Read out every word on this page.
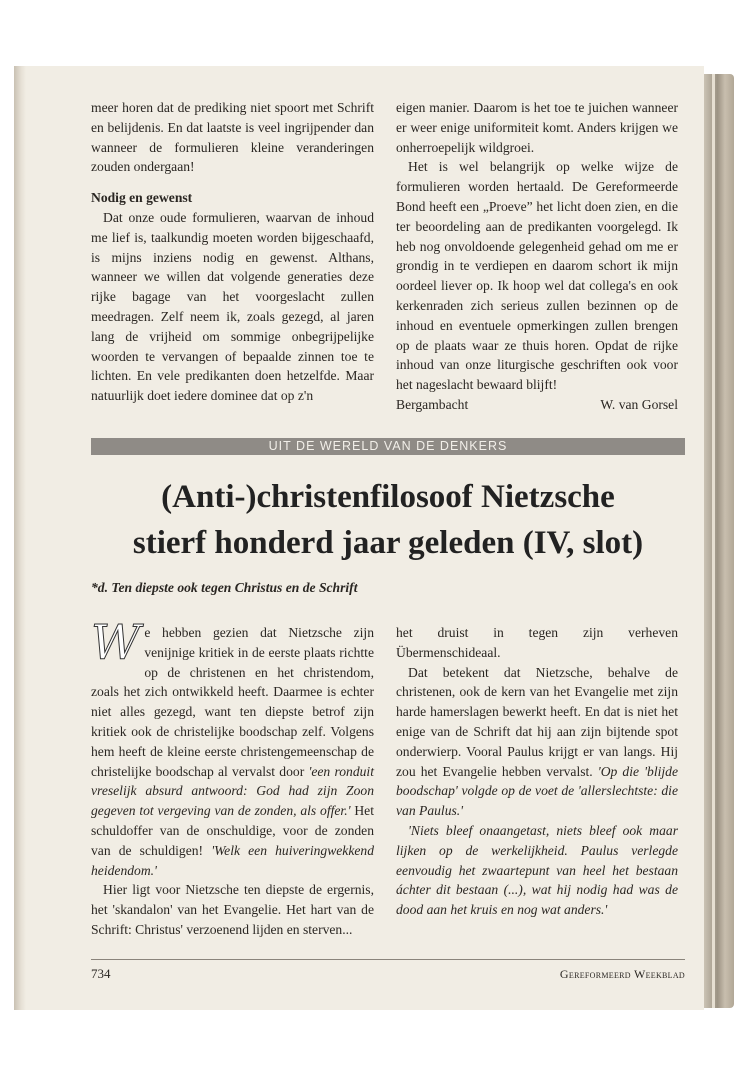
meer horen dat de prediking niet spoort met Schrift en belijdenis. En dat laatste is veel ingrijpender dan wanneer de formulieren kleine veranderingen zouden ondergaan!

Nodig en gewenst

Dat onze oude formulieren, waarvan de inhoud me lief is, taalkundig moeten worden bijgeschaafd, is mijns inziens nodig en gewenst. Althans, wanneer we willen dat volgende generaties deze rijke bagage van het voorgeslacht zullen meedragen. Zelf neem ik, zoals gezegd, al jaren lang de vrijheid om sommige onbegrijpelijke woorden te vervangen of bepaalde zinnen toe te lichten. En vele predikanten doen hetzelfde. Maar natuurlijk doet iedere dominee dat op z'n

eigen manier. Daarom is het toe te juichen wanneer er weer enige uniformiteit komt. Anders krijgen we onherroepelijk wildgroei.

Het is wel belangrijk op welke wijze de formulieren worden hertaald. De Gereformeerde Bond heeft een „Proeve” het licht doen zien, en die ter beoordeling aan de predikanten voorgelegd. Ik heb nog onvoldoende gelegenheid gehad om me er grondig in te verdiepen en daarom schort ik mijn oordeel liever op. Ik hoop wel dat collega's en ook kerkenraden zich serieus zullen bezinnen op de inhoud en eventuele opmerkingen zullen brengen op de plaats waar ze thuis horen. Opdat de rijke inhoud van onze liturgische geschriften ook voor het nageslacht bewaard blijft!

Bergambacht	W. van Gorsel

UIT DE WERELD VAN DE DENKERS
(Anti-)christenfilosoof Nietzsche
stierf honderd jaar geleden (IV, slot)
*d. Ten diepste ook tegen Christus en de Schrift

We hebben gezien dat Nietzsche zijn venijnige kritiek in de eerste plaats richtte op de christenen en het christendom, zoals het zich ontwikkeld heeft. Daarmee is echter niet alles gezegd, want ten diepste betrof zijn kritiek ook de christelijke boodschap zelf. Volgens hem heeft de kleine eerste christengemeenschap de christelijke boodschap al vervalst door 'een ronduit vreselijk absurd antwoord: God had zijn Zoon gegeven tot vergeving van de zonden, als offer.' Het schuldoffer van de onschuldige, voor de zonden van de schuldigen! 'Welk een huiveringwekkend heidendom.'

Hier ligt voor Nietzsche ten diepste de ergernis, het 'skandalon' van het Evangelie. Het hart van de Schrift: Christus' verzoenend lijden en sterven...

het druist in tegen zijn verheven Übermenschideaal.

Dat betekent dat Nietzsche, behalve de christenen, ook de kern van het Evangelie met zijn harde hamerslagen bewerkt heeft. En dat is niet het enige van de Schrift dat hij aan zijn bijtende spot onderwierp. Vooral Paulus krijgt er van langs. Hij zou het Evangelie hebben vervalst. 'Op die 'blijde boodschap' volgde op de voet de 'allerslechtste: die van Paulus.'

'Niets bleef onaangetast, niets bleef ook maar lijken op de werkelijkheid. Paulus verlegde eenvoudig het zwaartepunt van heel het bestaan áchter dit bestaan (...), wat hij nodig had was de dood aan het kruis en nog wat anders.'

734	Gereformeerd Weekblad
